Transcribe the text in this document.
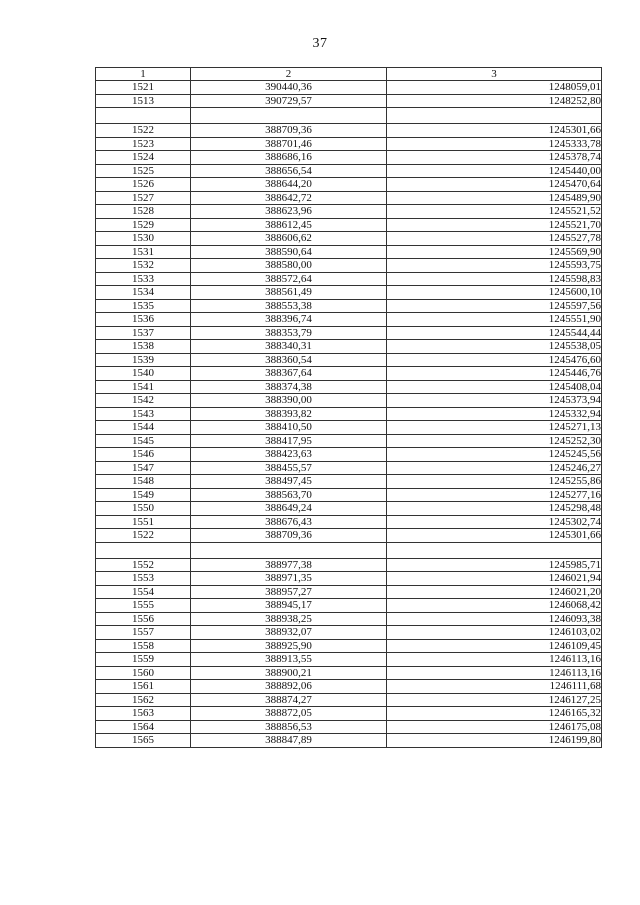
37
1	2	3
1521	390440,36	1248059,01
1513	390729,57	1248252,80

1522	388709,36	1245301,66
1523	388701,46	1245333,78
1524	388686,16	1245378,74
1525	388656,54	1245440,00
1526	388644,20	1245470,64
1527	388642,72	1245489,90
1528	388623,96	1245521,52
1529	388612,45	1245521,70
1530	388606,62	1245527,78
1531	388590,64	1245569,90
1532	388580,00	1245593,75
1533	388572,64	1245598,83
1534	388561,49	1245600,10
1535	388553,38	1245597,56
1536	388396,74	1245551,90
1537	388353,79	1245544,44
1538	388340,31	1245538,05
1539	388360,54	1245476,60
1540	388367,64	1245446,76
1541	388374,38	1245408,04
1542	388390,00	1245373,94
1543	388393,82	1245332,94
1544	388410,50	1245271,13
1545	388417,95	1245252,30
1546	388423,63	1245245,56
1547	388455,57	1245246,27
1548	388497,45	1245255,86
1549	388563,70	1245277,16
1550	388649,24	1245298,48
1551	388676,43	1245302,74
1522	388709,36	1245301,66

1552	388977,38	1245985,71
1553	388971,35	1246021,94
1554	388957,27	1246021,20
1555	388945,17	1246068,42
1556	388938,25	1246093,38
1557	388932,07	1246103,02
1558	388925,90	1246109,45
1559	388913,55	1246113,16
1560	388900,21	1246113,16
1561	388892,06	1246111,68
1562	388874,27	1246127,25
1563	388872,05	1246165,32
1564	388856,53	1246175,08
1565	388847,89	1246199,80
